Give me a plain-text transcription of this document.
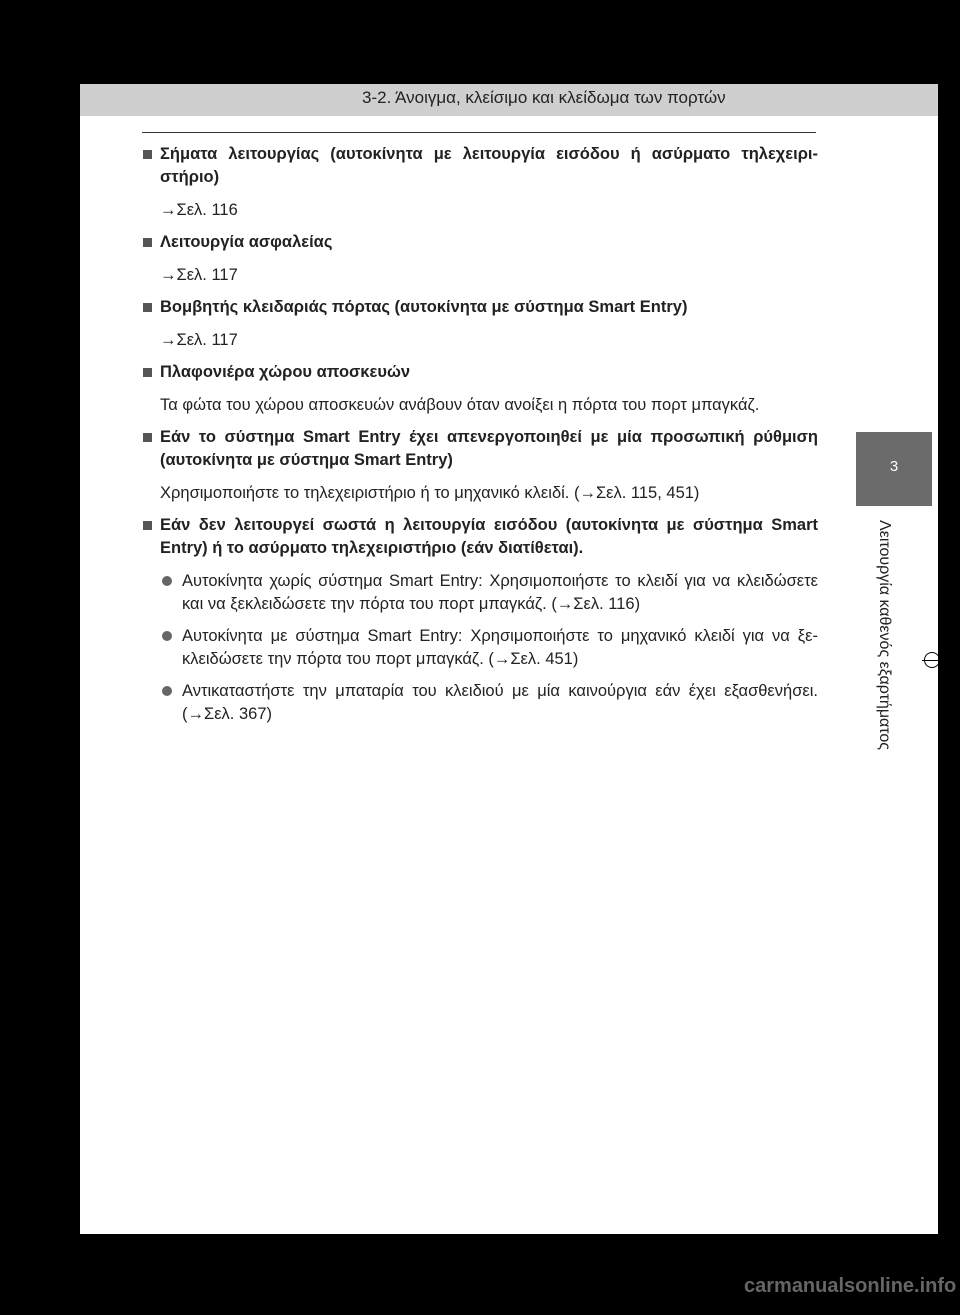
3-2. Άνοιγμα, κλείσιμο και κλείδωμα των πορτών
Σήματα λειτουργίας (αυτοκίνητα με λειτουργία εισόδου ή ασύρματο τηλεχειρι-στήριο)
→Σελ. 116
Λειτουργία ασφαλείας
→Σελ. 117
Βομβητής κλειδαριάς πόρτας (αυτοκίνητα με σύστημα Smart Entry)
→Σελ. 117
Πλαφονιέρα χώρου αποσκευών
Τα φώτα του χώρου αποσκευών ανάβουν όταν ανοίξει η πόρτα του πορτ μπαγκάζ.
Εάν το σύστημα Smart Entry έχει απενεργοποιηθεί με μία προσωπική ρύθμιση (αυτοκίνητα με σύστημα Smart Entry)
Χρησιμοποιήστε το τηλεχειριστήριο ή το μηχανικό κλειδί. (→Σελ. 115, 451)
Εάν δεν λειτουργεί σωστά η λειτουργία εισόδου (αυτοκίνητα με σύστημα Smart Entry) ή το ασύρματο τηλεχειριστήριο (εάν διατίθεται).
Αυτοκίνητα χωρίς σύστημα Smart Entry: Χρησιμοποιήστε το κλειδί για να κλειδώσετε και να ξεκλειδώσετε την πόρτα του πορτ μπαγκάζ. (→Σελ. 116)
Αυτοκίνητα με σύστημα Smart Entry: Χρησιμοποιήστε το μηχανικό κλειδί για να ξε-κλειδώσετε την πόρτα του πορτ μπαγκάζ. (→Σελ. 451)
Αντικαταστήστε την μπαταρία του κλειδιού με μία καινούργια εάν έχει εξασθενήσει. (→Σελ. 367)
3
Λειτουργία καθενός εξαρτήματος
carmanualsonline.info
